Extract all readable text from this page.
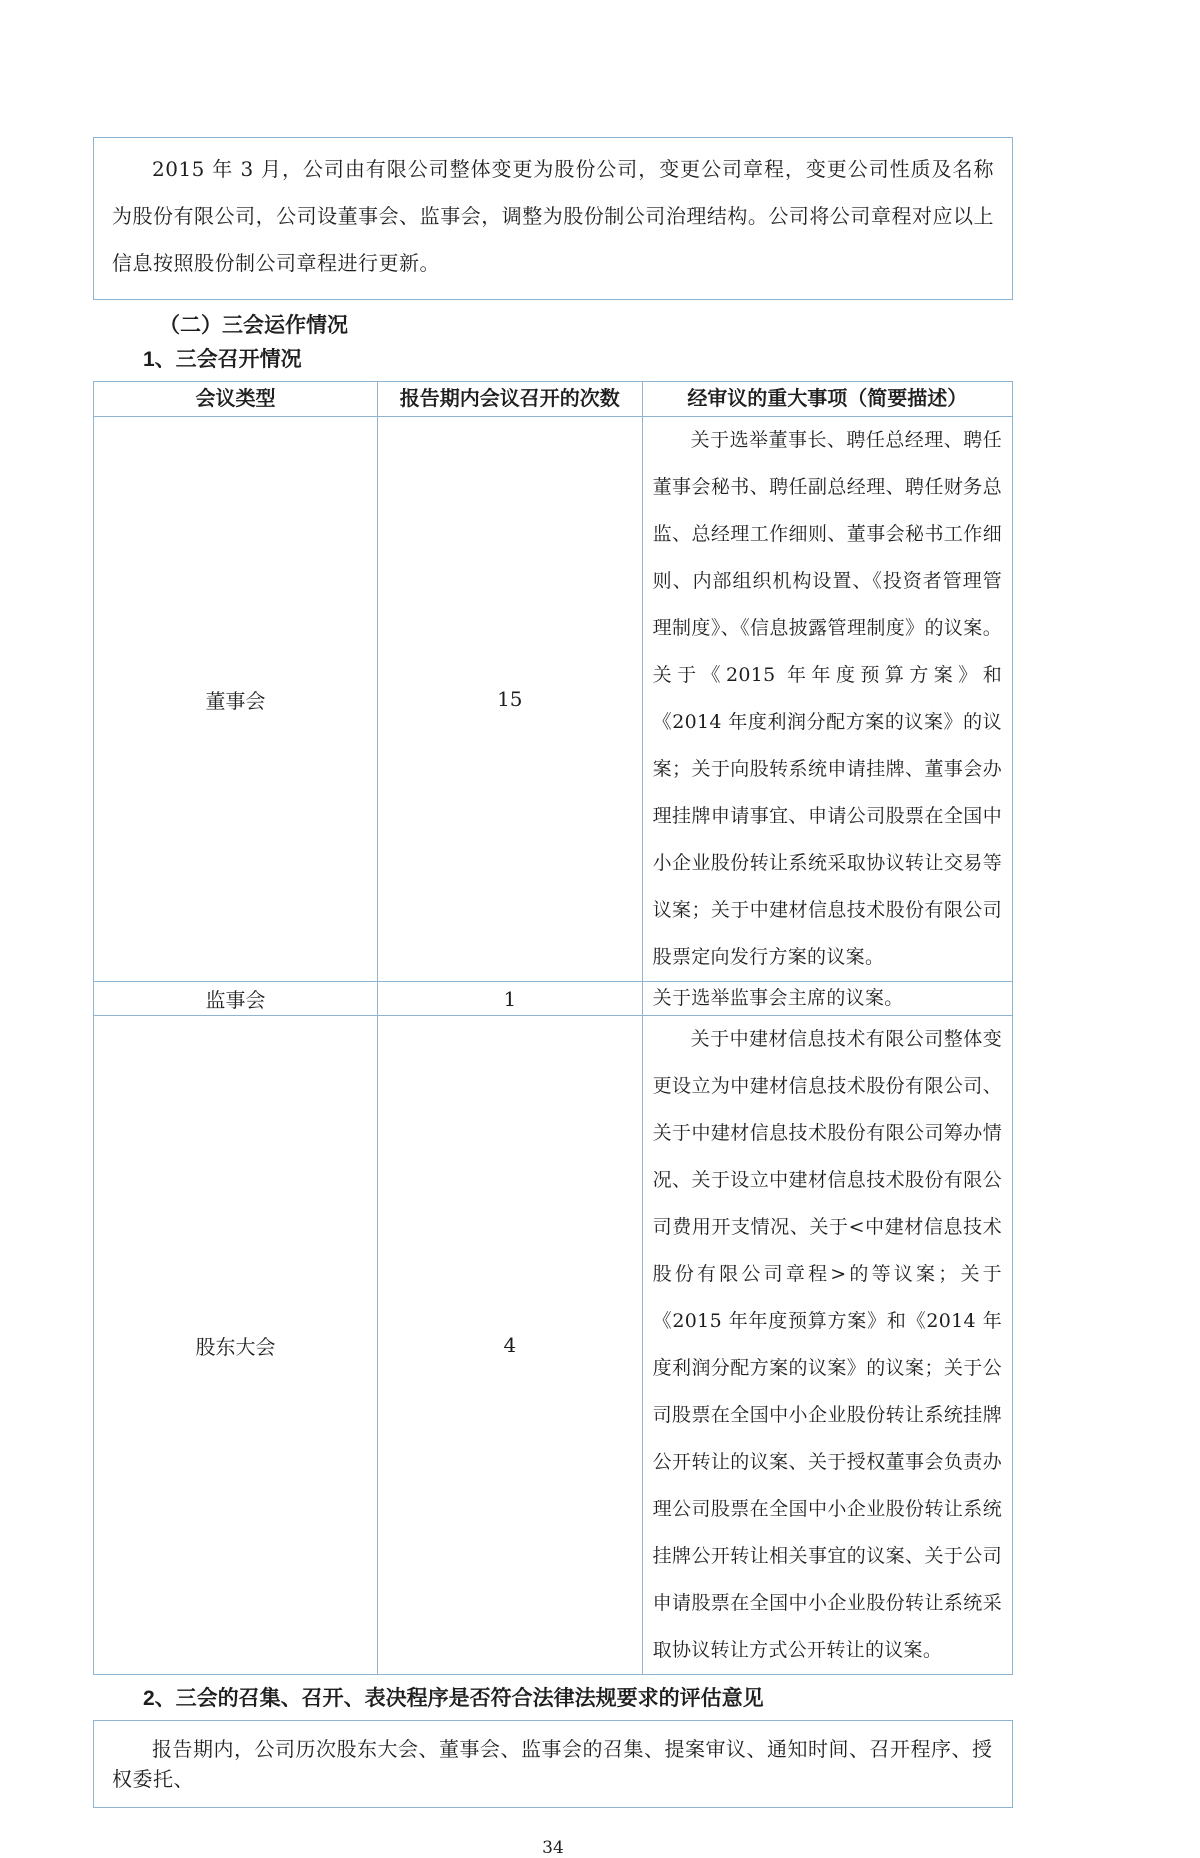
2015 年 3 月，公司由有限公司整体变更为股份公司，变更公司章程，变更公司性质及名称为股份有限公司，公司设董事会、监事会，调整为股份制公司治理结构。公司将公司章程对应以上信息按照股份制公司章程进行更新。
（二）三会运作情况
1、三会召开情况
会议类型	报告期内会议召开的次数	经审议的重大事项（简要描述）
董事会	15	关于选举董事长、聘任总经理、聘任董事会秘书、聘任副总经理、聘任财务总监、总经理工作细则、董事会秘书工作细则、内部组织机构设置、《投资者管理管理制度》、《信息披露管理制度》的议案。关于《2015 年年度预算方案》和《2014 年度利润分配方案的议案》的议案；关于向股转系统申请挂牌、董事会办理挂牌申请事宜、申请公司股票在全国中小企业股份转让系统采取协议转让交易等议案；关于中建材信息技术股份有限公司股票定向发行方案的议案。
监事会	1	关于选举监事会主席的议案。
股东大会	4	关于中建材信息技术有限公司整体变更设立为中建材信息技术股份有限公司、关于中建材信息技术股份有限公司筹办情况、关于设立中建材信息技术股份有限公司费用开支情况、关于<中建材信息技术股份有限公司章程>的等议案；关于《2015 年年度预算方案》和《2014 年度利润分配方案的议案》的议案；关于公司股票在全国中小企业股份转让系统挂牌公开转让的议案、关于授权董事会负责办理公司股票在全国中小企业股份转让系统挂牌公开转让相关事宜的议案、关于公司申请股票在全国中小企业股份转让系统采取协议转让方式公开转让的议案。
2、三会的召集、召开、表决程序是否符合法律法规要求的评估意见
报告期内，公司历次股东大会、董事会、监事会的召集、提案审议、通知时间、召开程序、授权委托、
34
